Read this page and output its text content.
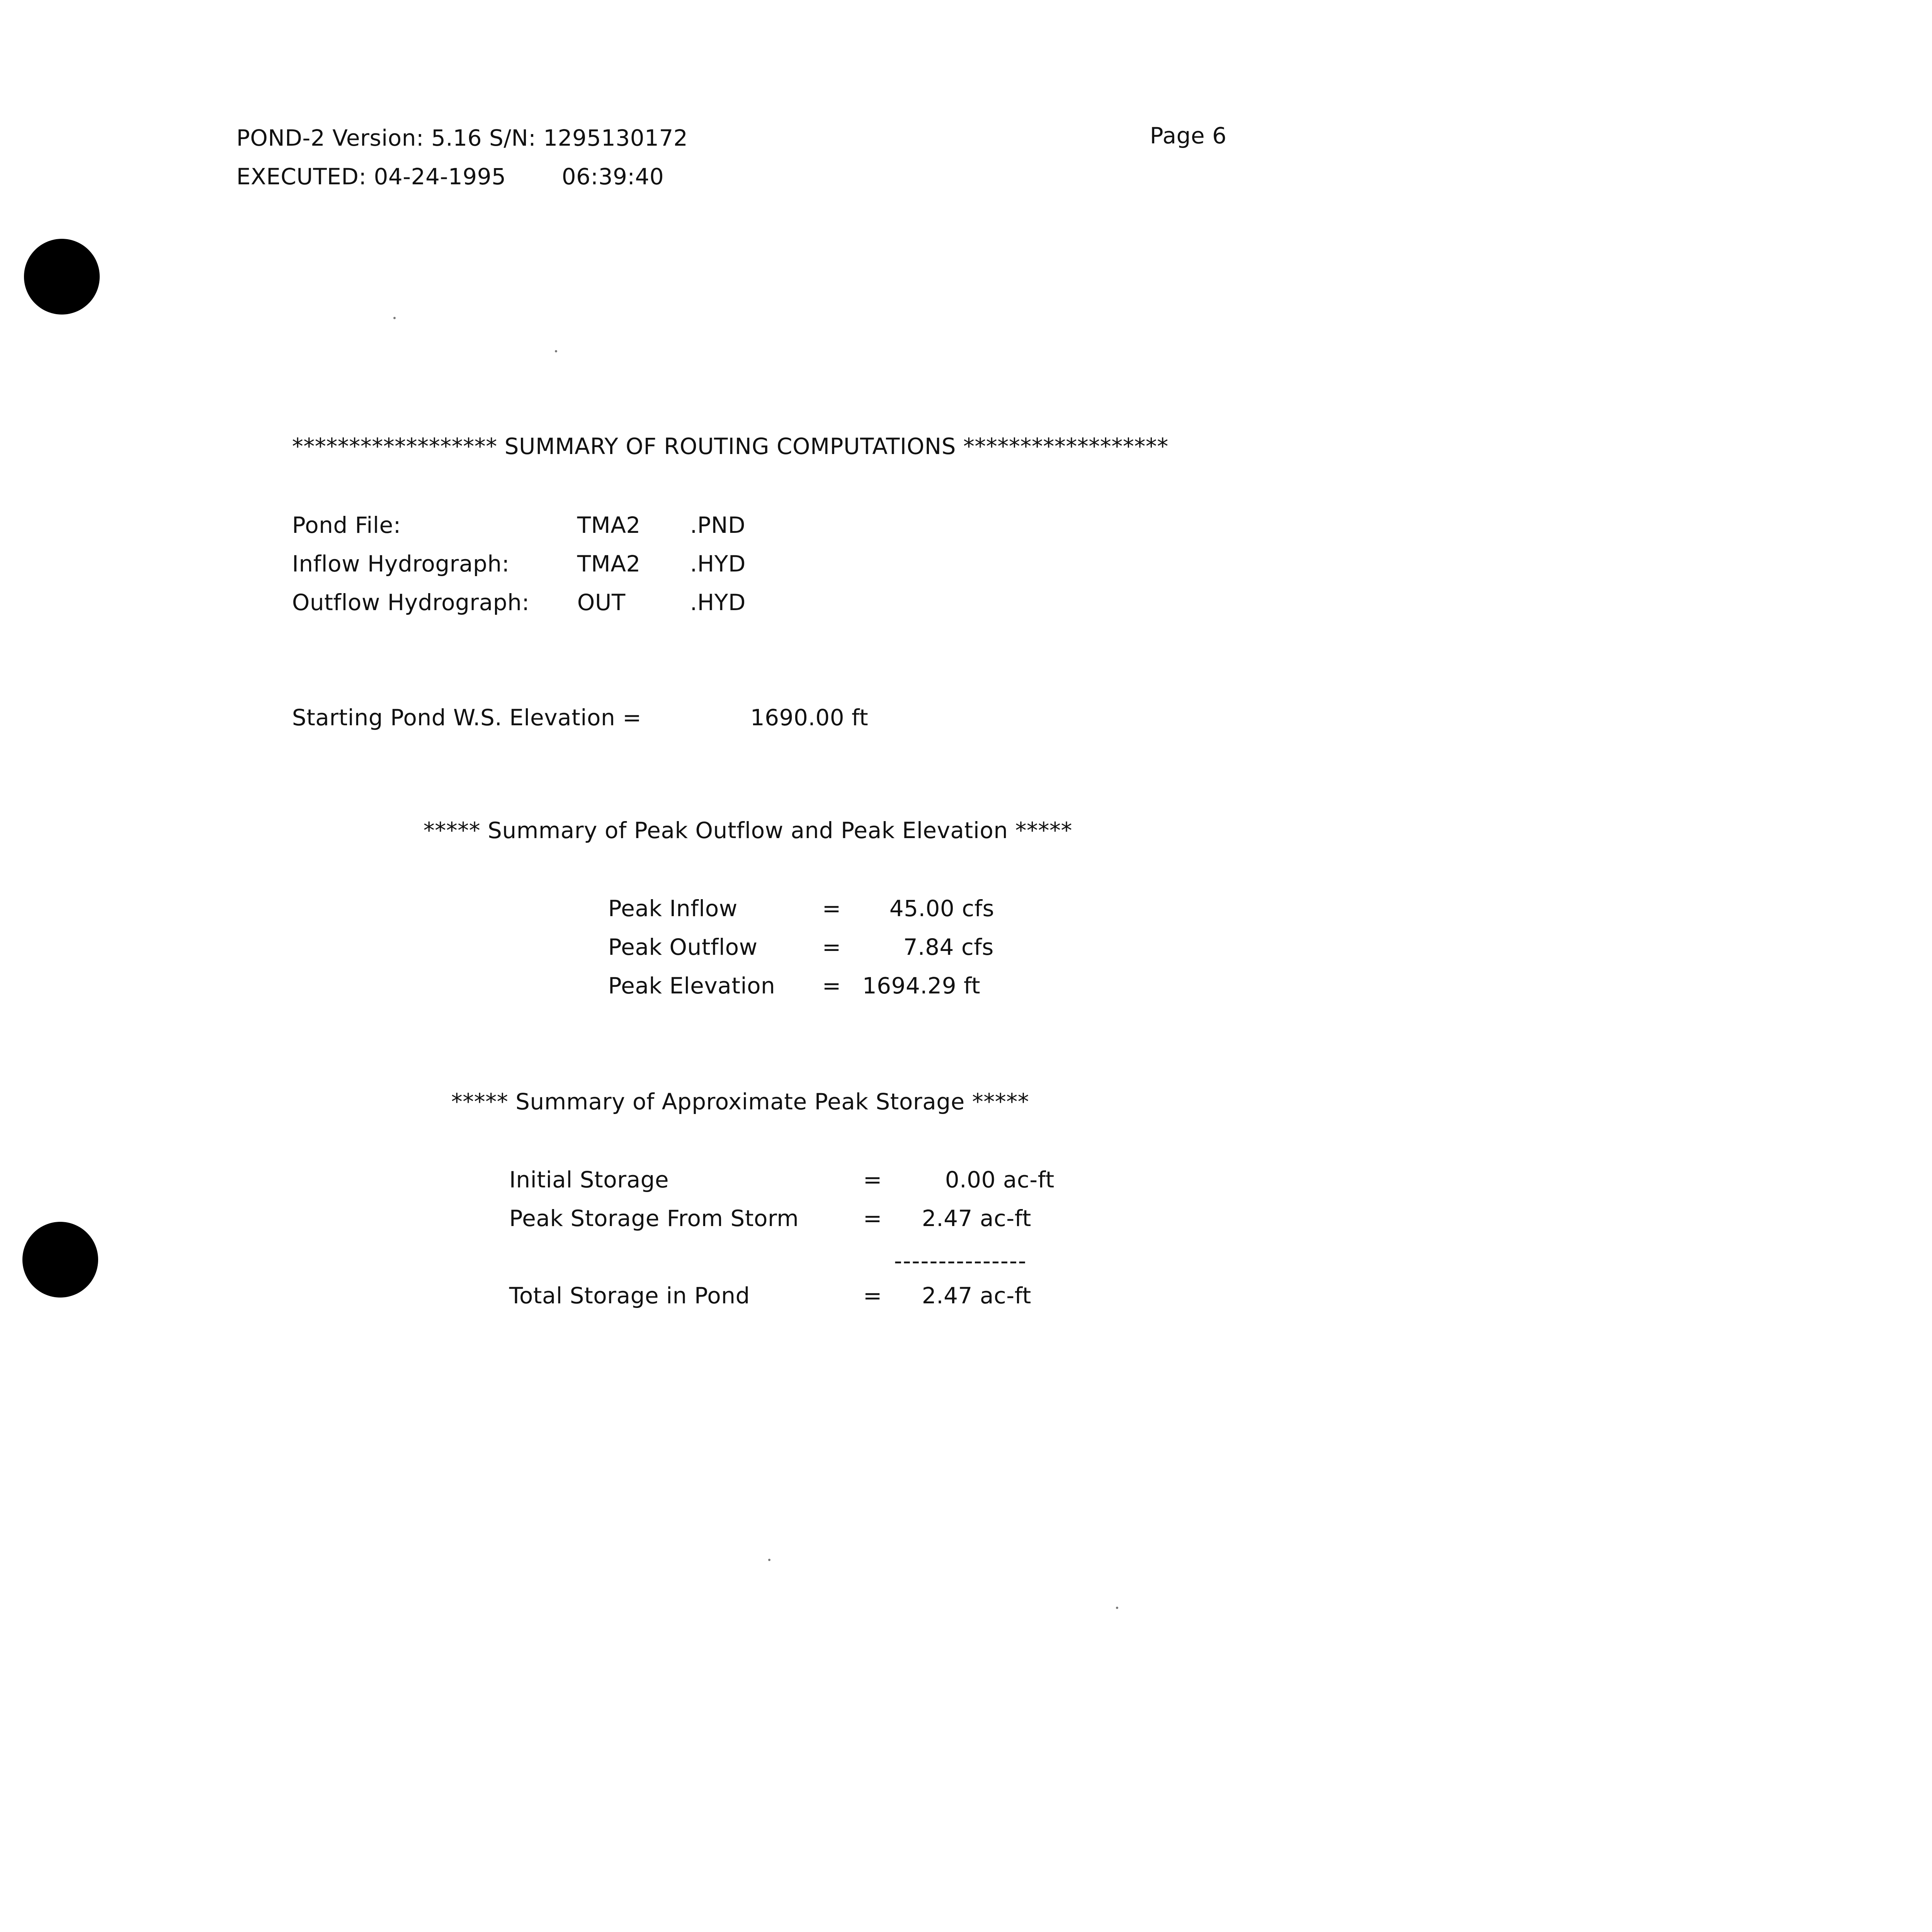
POND-2 Version: 5.16 S/N: 1295130172
	Page 6

EXECUTED: 04-24-1995
	06:39:40

****************** SUMMARY OF ROUTING COMPUTATIONS ******************

Pond File:
	TMA2
	.PND

Inflow Hydrograph:
	TMA2
	.HYD

Outflow Hydrograph:
	OUT
	.HYD

Starting Pond W.S. Elevation =
	1690.00 ft

***** Summary of Peak Outflow and Peak Elevation *****

Peak Inflow
	=
	45.00 cfs

Peak Outflow
	=
	7.84 cfs

Peak Elevation
	=
1694.29 ft

***** Summary of Approximate Peak Storage *****

Initial Storage
	=
	0.00 ac-ft

Peak Storage From Storm
	=
	2.47 ac-ft

---------------

Total Storage in Pond
	=
	2.47 ac-ft
